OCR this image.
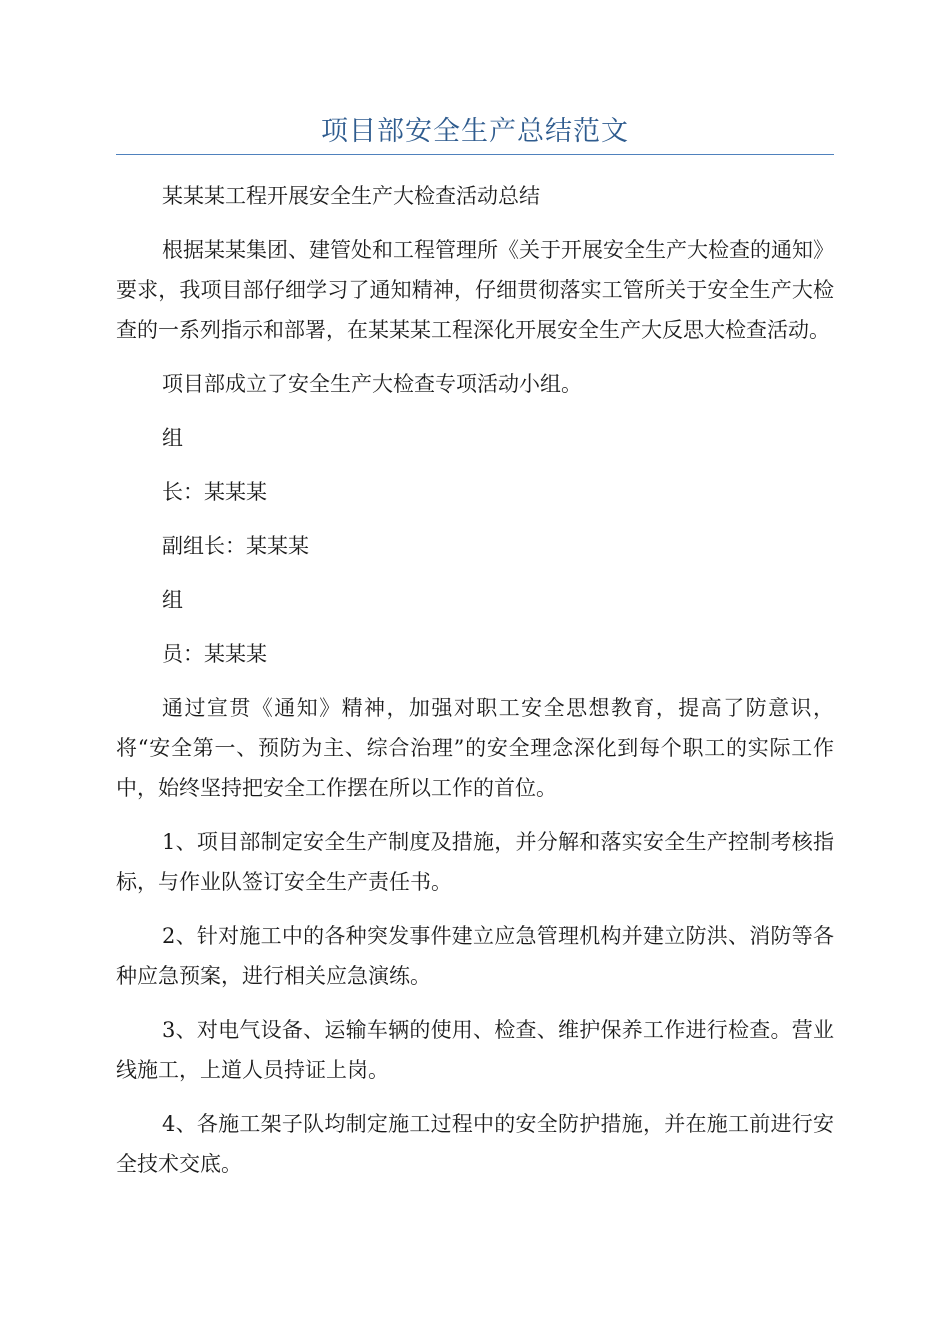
项目部安全生产总结范文

某某某工程开展安全生产大检查活动总结

根据某某集团、建管处和工程管理所《关于开展安全生产大检查的通知》要求，我项目部仔细学习了通知精神，仔细贯彻落实工管所关于安全生产大检查的一系列指示和部署，在某某某工程深化开展安全生产大反思大检查活动。

项目部成立了安全生产大检查专项活动小组。

组

长：某某某

副组长：某某某

组

员：某某某

通过宣贯《通知》精神，加强对职工安全思想教育，提高了防意识，将“安全第一、预防为主、综合治理”的安全理念深化到每个职工的实际工作中，始终坚持把安全工作摆在所以工作的首位。

1、项目部制定安全生产制度及措施，并分解和落实安全生产控制考核指标，与作业队签订安全生产责任书。

2、针对施工中的各种突发事件建立应急管理机构并建立防洪、消防等各种应急预案，进行相关应急演练。

3、对电气设备、运输车辆的使用、检查、维护保养工作进行检查。营业线施工，上道人员持证上岗。

4、各施工架子队均制定施工过程中的安全防护措施，并在施工前进行安全技术交底。
